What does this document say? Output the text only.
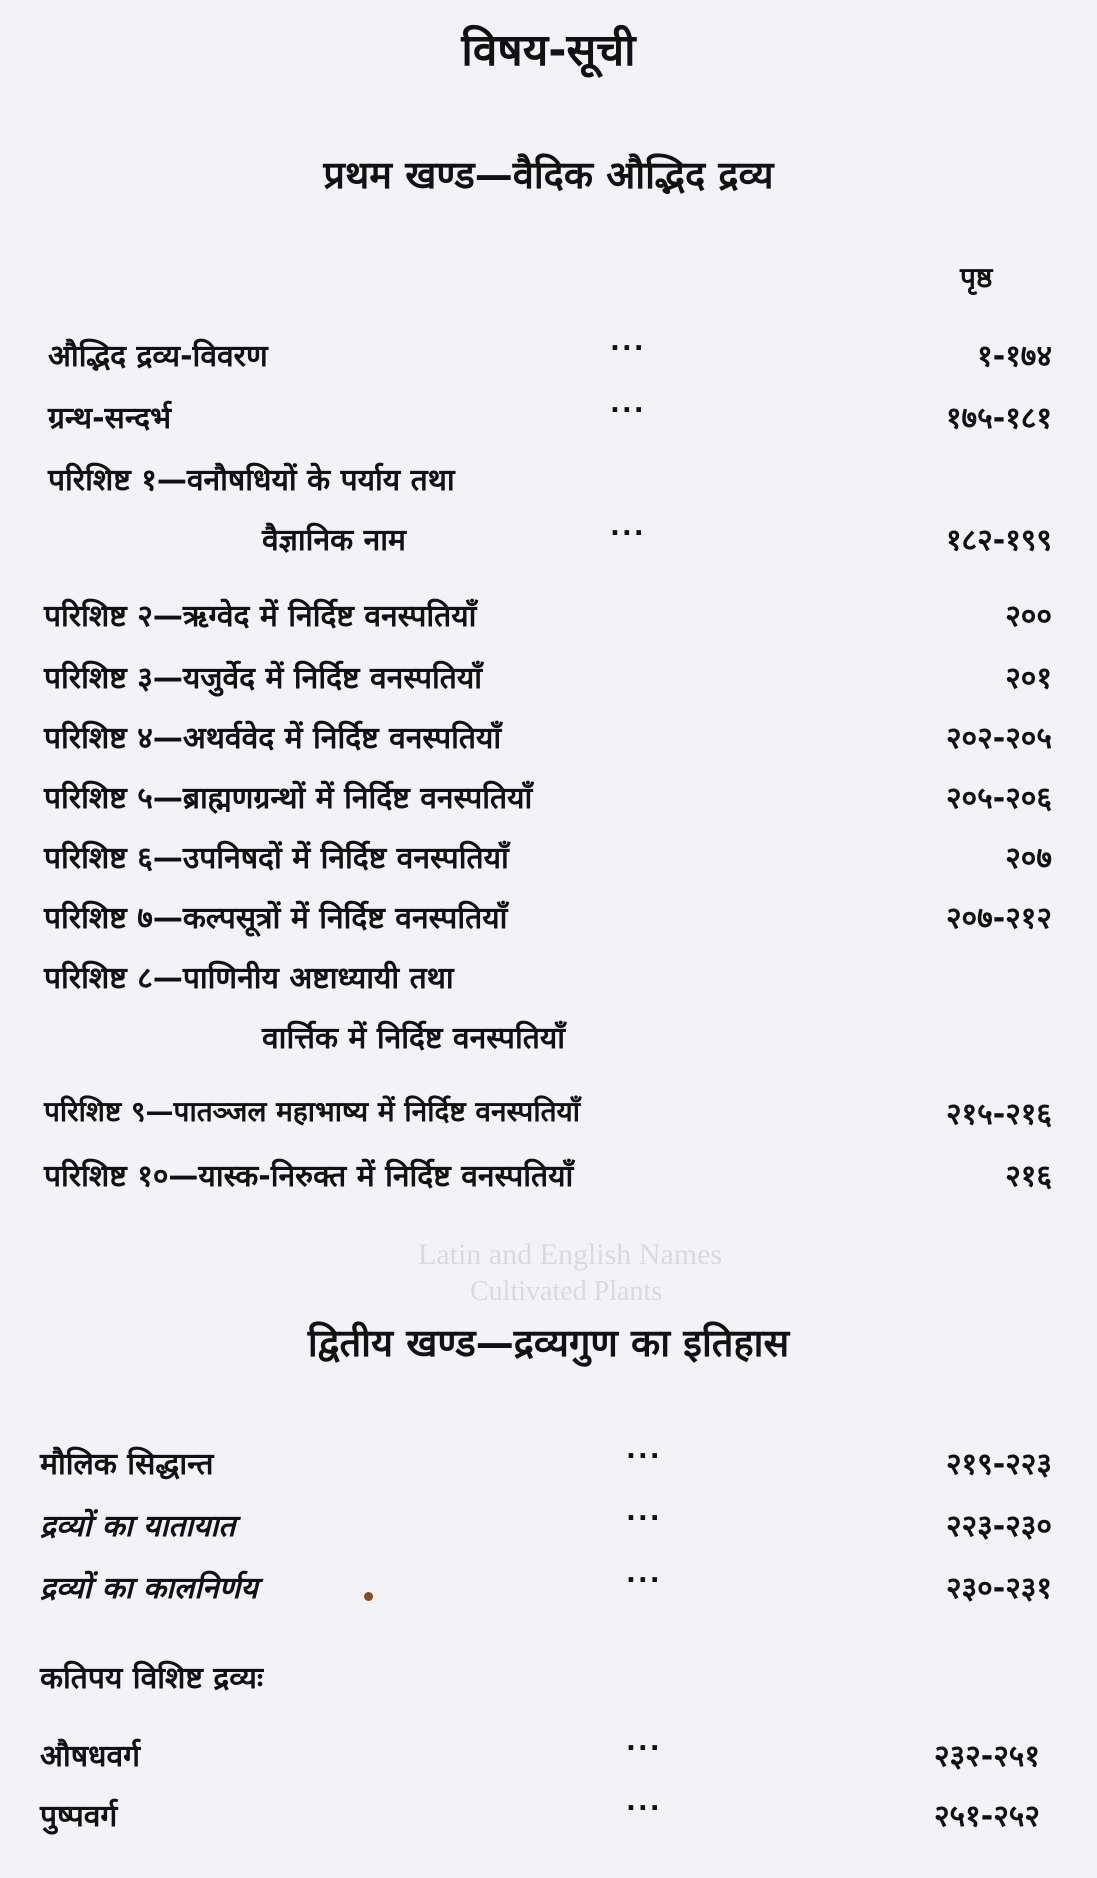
Latin and English Names
Cultivated Plants
विषय-सूची
प्रथम खण्ड—वैदिक औद्भिद द्रव्य
पृष्ठ
औद्भिद द्रव्य-विवरण	...	१-१७४
ग्रन्थ-सन्दर्भ	...	१७५-१८१
परिशिष्ट १—वनौषधियों के पर्याय तथा
वैज्ञानिक नाम	...	१८२-१९९
परिशिष्ट २—ऋग्वेद में निर्दिष्ट वनस्पतियाँ	२००
परिशिष्ट ३—यजुर्वेद में निर्दिष्ट वनस्पतियाँ	२०१
परिशिष्ट ४—अथर्ववेद में निर्दिष्ट वनस्पतियाँ	२०२-२०५
परिशिष्ट ५—ब्राह्मणग्रन्थों में निर्दिष्ट वनस्पतियाँ	२०५-२०६
परिशिष्ट ६—उपनिषदों में निर्दिष्ट वनस्पतियाँ	२०७
परिशिष्ट ७—कल्पसूत्रों में निर्दिष्ट वनस्पतियाँ	२०७-२१२
परिशिष्ट ८—पाणिनीय अष्टाध्यायी तथा
वार्त्तिक में निर्दिष्ट वनस्पतियाँ
परिशिष्ट ९—पातञ्जल महाभाष्य में निर्दिष्ट वनस्पतियाँ	२१५-२१६
परिशिष्ट १०—यास्क-निरुक्त में निर्दिष्ट वनस्पतियाँ	२१६
द्वितीय खण्ड—द्रव्यगुण का इतिहास
मौलिक सिद्धान्त	...	२१९-२२३
द्रव्यों का यातायात	...	२२३-२३०
द्रव्यों का कालनिर्णय	...	२३०-२३१
कतिपय विशिष्ट द्रव्यः
औषधवर्ग	...	२३२-२५१
पुष्पवर्ग	...	२५१-२५२
